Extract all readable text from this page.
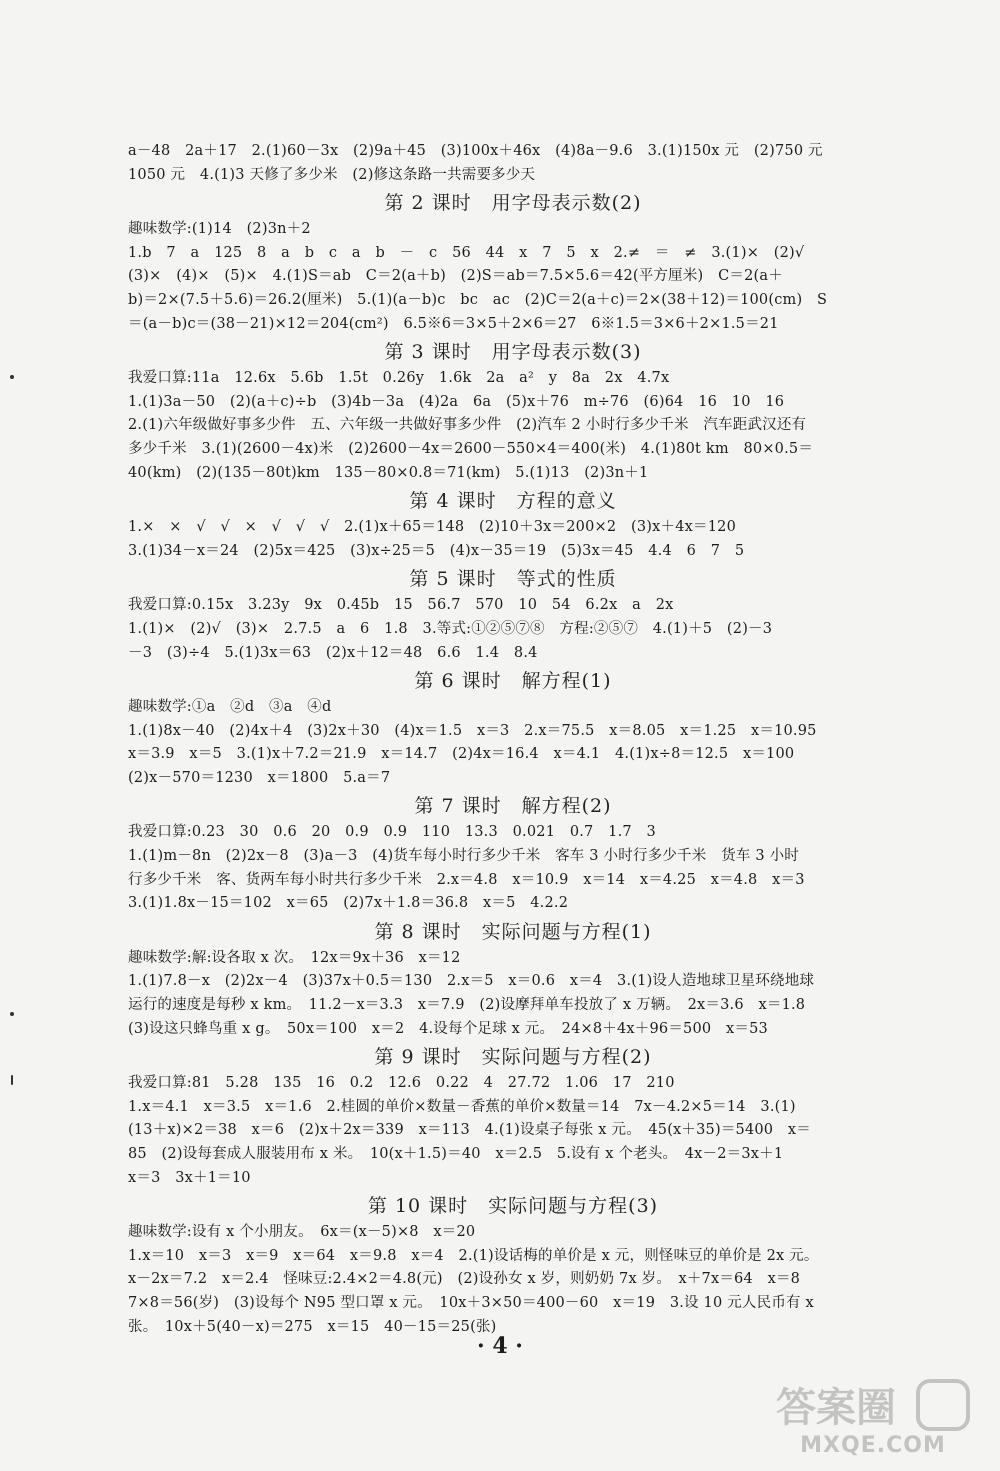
a－48　2a＋17　2.(1)60－3x　(2)9a＋45　(3)100x＋46x　(4)8a－9.6　3.(1)150x 元　(2)750 元
1050 元　4.(1)3 天修了多少米　(2)修这条路一共需要多少天
第 2 课时　用字母表示数(2)
趣味数学:(1)14　(2)3n＋2
1.b　7　a　125　8　a　b　c　a　b　－　c　56　44　x　7　5　x　2.≠　＝　≠　3.(1)×　(2)√
(3)×　(4)×　(5)×　4.(1)S＝ab　C＝2(a＋b)　(2)S＝ab＝7.5×5.6＝42(平方厘米)　C＝2(a＋
b)＝2×(7.5＋5.6)＝26.2(厘米)　5.(1)(a－b)c　bc　ac　(2)C＝2(a＋c)＝2×(38＋12)＝100(cm)　S
＝(a－b)c＝(38－21)×12＝204(cm²)　6.5※6＝3×5＋2×6＝27　6※1.5＝3×6＋2×1.5＝21
第 3 课时　用字母表示数(3)
我爱口算:11a　12.6x　5.6b　1.5t　0.26y　1.6k　2a　a²　y　8a　2x　4.7x
1.(1)3a－50　(2)(a＋c)÷b　(3)4b－3a　(4)2a　6a　(5)x＋76　m÷76　(6)64　16　10　16
2.(1)六年级做好事多少件　五、六年级一共做好事多少件　(2)汽车 2 小时行多少千米　汽车距武汉还有
多少千米　3.(1)(2600－4x)米　(2)2600－4x＝2600－550×4＝400(米)　4.(1)80t km　80×0.5＝
40(km)　(2)(135－80t)km　135－80×0.8＝71(km)　5.(1)13　(2)3n＋1
第 4 课时　方程的意义
1.×　×　√　√　×　√　√　√　2.(1)x＋65＝148　(2)10＋3x＝200×2　(3)x＋4x＝120
3.(1)34－x＝24　(2)5x＝425　(3)x÷25＝5　(4)x－35＝19　(5)3x＝45　4.4　6　7　5
第 5 课时　等式的性质
我爱口算:0.15x　3.23y　9x　0.45b　15　56.7　570　10　54　6.2x　a　2x
1.(1)×　(2)√　(3)×　2.7.5　a　6　1.8　3.等式:①②⑤⑦⑧　方程:②⑤⑦　4.(1)＋5　(2)－3
－3　(3)÷4　5.(1)3x＝63　(2)x＋12＝48　6.6　1.4　8.4
第 6 课时　解方程(1)
趣味数学:①a　②d　③a　④d
1.(1)8x－40　(2)4x＋4　(3)2x＋30　(4)x＝1.5　x＝3　2.x＝75.5　x＝8.05　x＝1.25　x＝10.95
x＝3.9　x＝5　3.(1)x＋7.2＝21.9　x＝14.7　(2)4x＝16.4　x＝4.1　4.(1)x÷8＝12.5　x＝100
(2)x－570＝1230　x＝1800　5.a＝7
第 7 课时　解方程(2)
我爱口算:0.23　30　0.6　20　0.9　0.9　110　13.3　0.021　0.7　1.7　3
1.(1)m－8n　(2)2x－8　(3)a－3　(4)货车每小时行多少千米　客车 3 小时行多少千米　货车 3 小时
行多少千米　客、货两车每小时共行多少千米　2.x＝4.8　x＝10.9　x＝14　x＝4.25　x＝4.8　x＝3
3.(1)1.8x－15＝102　x＝65　(2)7x＋1.8＝36.8　x＝5　4.2.2
第 8 课时　实际问题与方程(1)
趣味数学:解:设各取 x 次。　12x＝9x＋36　x＝12
1.(1)7.8－x　(2)2x－4　(3)37x＋0.5＝130　2.x＝5　x＝0.6　x＝4　3.(1)设人造地球卫星环绕地球
运行的速度是每秒 x km。　11.2－x＝3.3　x＝7.9　(2)设摩拜单车投放了 x 万辆。　2x＝3.6　x＝1.8
(3)设这只蜂鸟重 x g。　50x＝100　x＝2　4.设每个足球 x 元。　24×8＋4x＋96＝500　x＝53
第 9 课时　实际问题与方程(2)
我爱口算:81　5.28　135　16　0.2　12.6　0.22　4　27.72　1.06　17　210
1.x＝4.1　x＝3.5　x＝1.6　2.桂圆的单价×数量－香蕉的单价×数量＝14　7x－4.2×5＝14　3.(1)
(13＋x)×2＝38　x＝6　(2)x＋2x＝339　x＝113　4.(1)设桌子每张 x 元。　45(x＋35)＝5400　x＝
85　(2)设每套成人服装用布 x 米。　10(x＋1.5)＝40　x＝2.5　5.设有 x 个老头。　4x－2＝3x＋1
x＝3　3x＋1＝10
第 10 课时　实际问题与方程(3)
趣味数学:设有 x 个小朋友。　6x＝(x－5)×8　x＝20
1.x＝10　x＝3　x＝9　x＝64　x＝9.8　x＝4　2.(1)设话梅的单价是 x 元，则怪味豆的单价是 2x 元。
x－2x＝7.2　x＝2.4　怪味豆:2.4×2＝4.8(元)　(2)设孙女 x 岁，则奶奶 7x 岁。　x＋7x＝64　x＝8
7×8＝56(岁)　(3)设每个 N95 型口罩 x 元。　10x＋3×50＝400－60　x＝19　3.设 10 元人民币有 x
张。　10x＋5(40－x)＝275　x＝15　40－15＝25(张)
· 4 ·
答案圈
MXQE.COM
